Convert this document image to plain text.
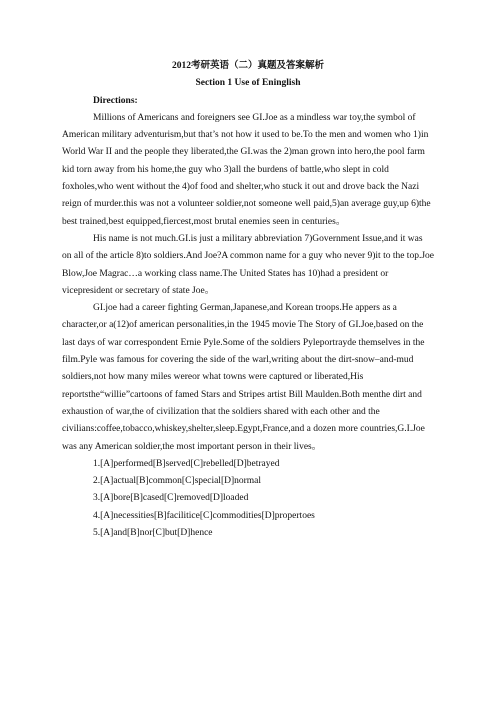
2012考研英语（二）真题及答案解析

Section 1 Use of Eninglish

Directions:

Millions of Americans and foreigners see GI.Joe as a mindless war toy,the symbol of American military adventurism,but that’s not how it used to be.To the men and women who 1)in World War II and the people they liberated,the GI.was the 2)man grown into hero,the pool farm kid torn away from his home,the guy who 3)all the burdens of battle,who slept in cold foxholes,who went without the 4)of food and shelter,who stuck it out and drove back the Nazi reign of murder.this was not a volunteer soldier,not someone well paid,5)an average guy,up 6)the best trained,best equipped,fiercest,most brutal enemies seen in centuries。

His name is not much.GI.is just a military abbreviation 7)Government Issue,and it was on all of the article 8)to soldiers.And Joe?A common name for a guy who never 9)it to the top.Joe Blow,Joe Magrac…a working class name.The United States has 10)had a president or vicepresident or secretary of state Joe。

GI.joe had a career fighting German,Japanese,and Korean troops.He appers as a character,or a(12)of american personalities,in the 1945 movie The Story of GI.Joe,based on the last days of war correspondent Ernie Pyle.Some of the soldiers Pyleportrayde themselves in the film.Pyle was famous for covering the side of the warl,writing about the dirt-snow–and-mud soldiers,not how many miles wereor what towns were captured or liberated,His reportsthe“willie”cartoons of famed Stars and Stripes artist Bill Maulden.Both menthe dirt and exhaustion of war,the of civilization that the soldiers shared with each other and the civilians:coffee,tobacco,whiskey,shelter,sleep.Egypt,France,and a dozen more countries,G.I.Joe was any American soldier,the most important person in their lives。

1.[A]performed[B]served[C]rebelled[D]betrayed

2.[A]actual[B]common[C]special[D]normal

3.[A]bore[B]cased[C]removed[D]loaded

4.[A]necessities[B]facilitice[C]commodities[D]propertoes

5.[A]and[B]nor[C]but[D]hence
